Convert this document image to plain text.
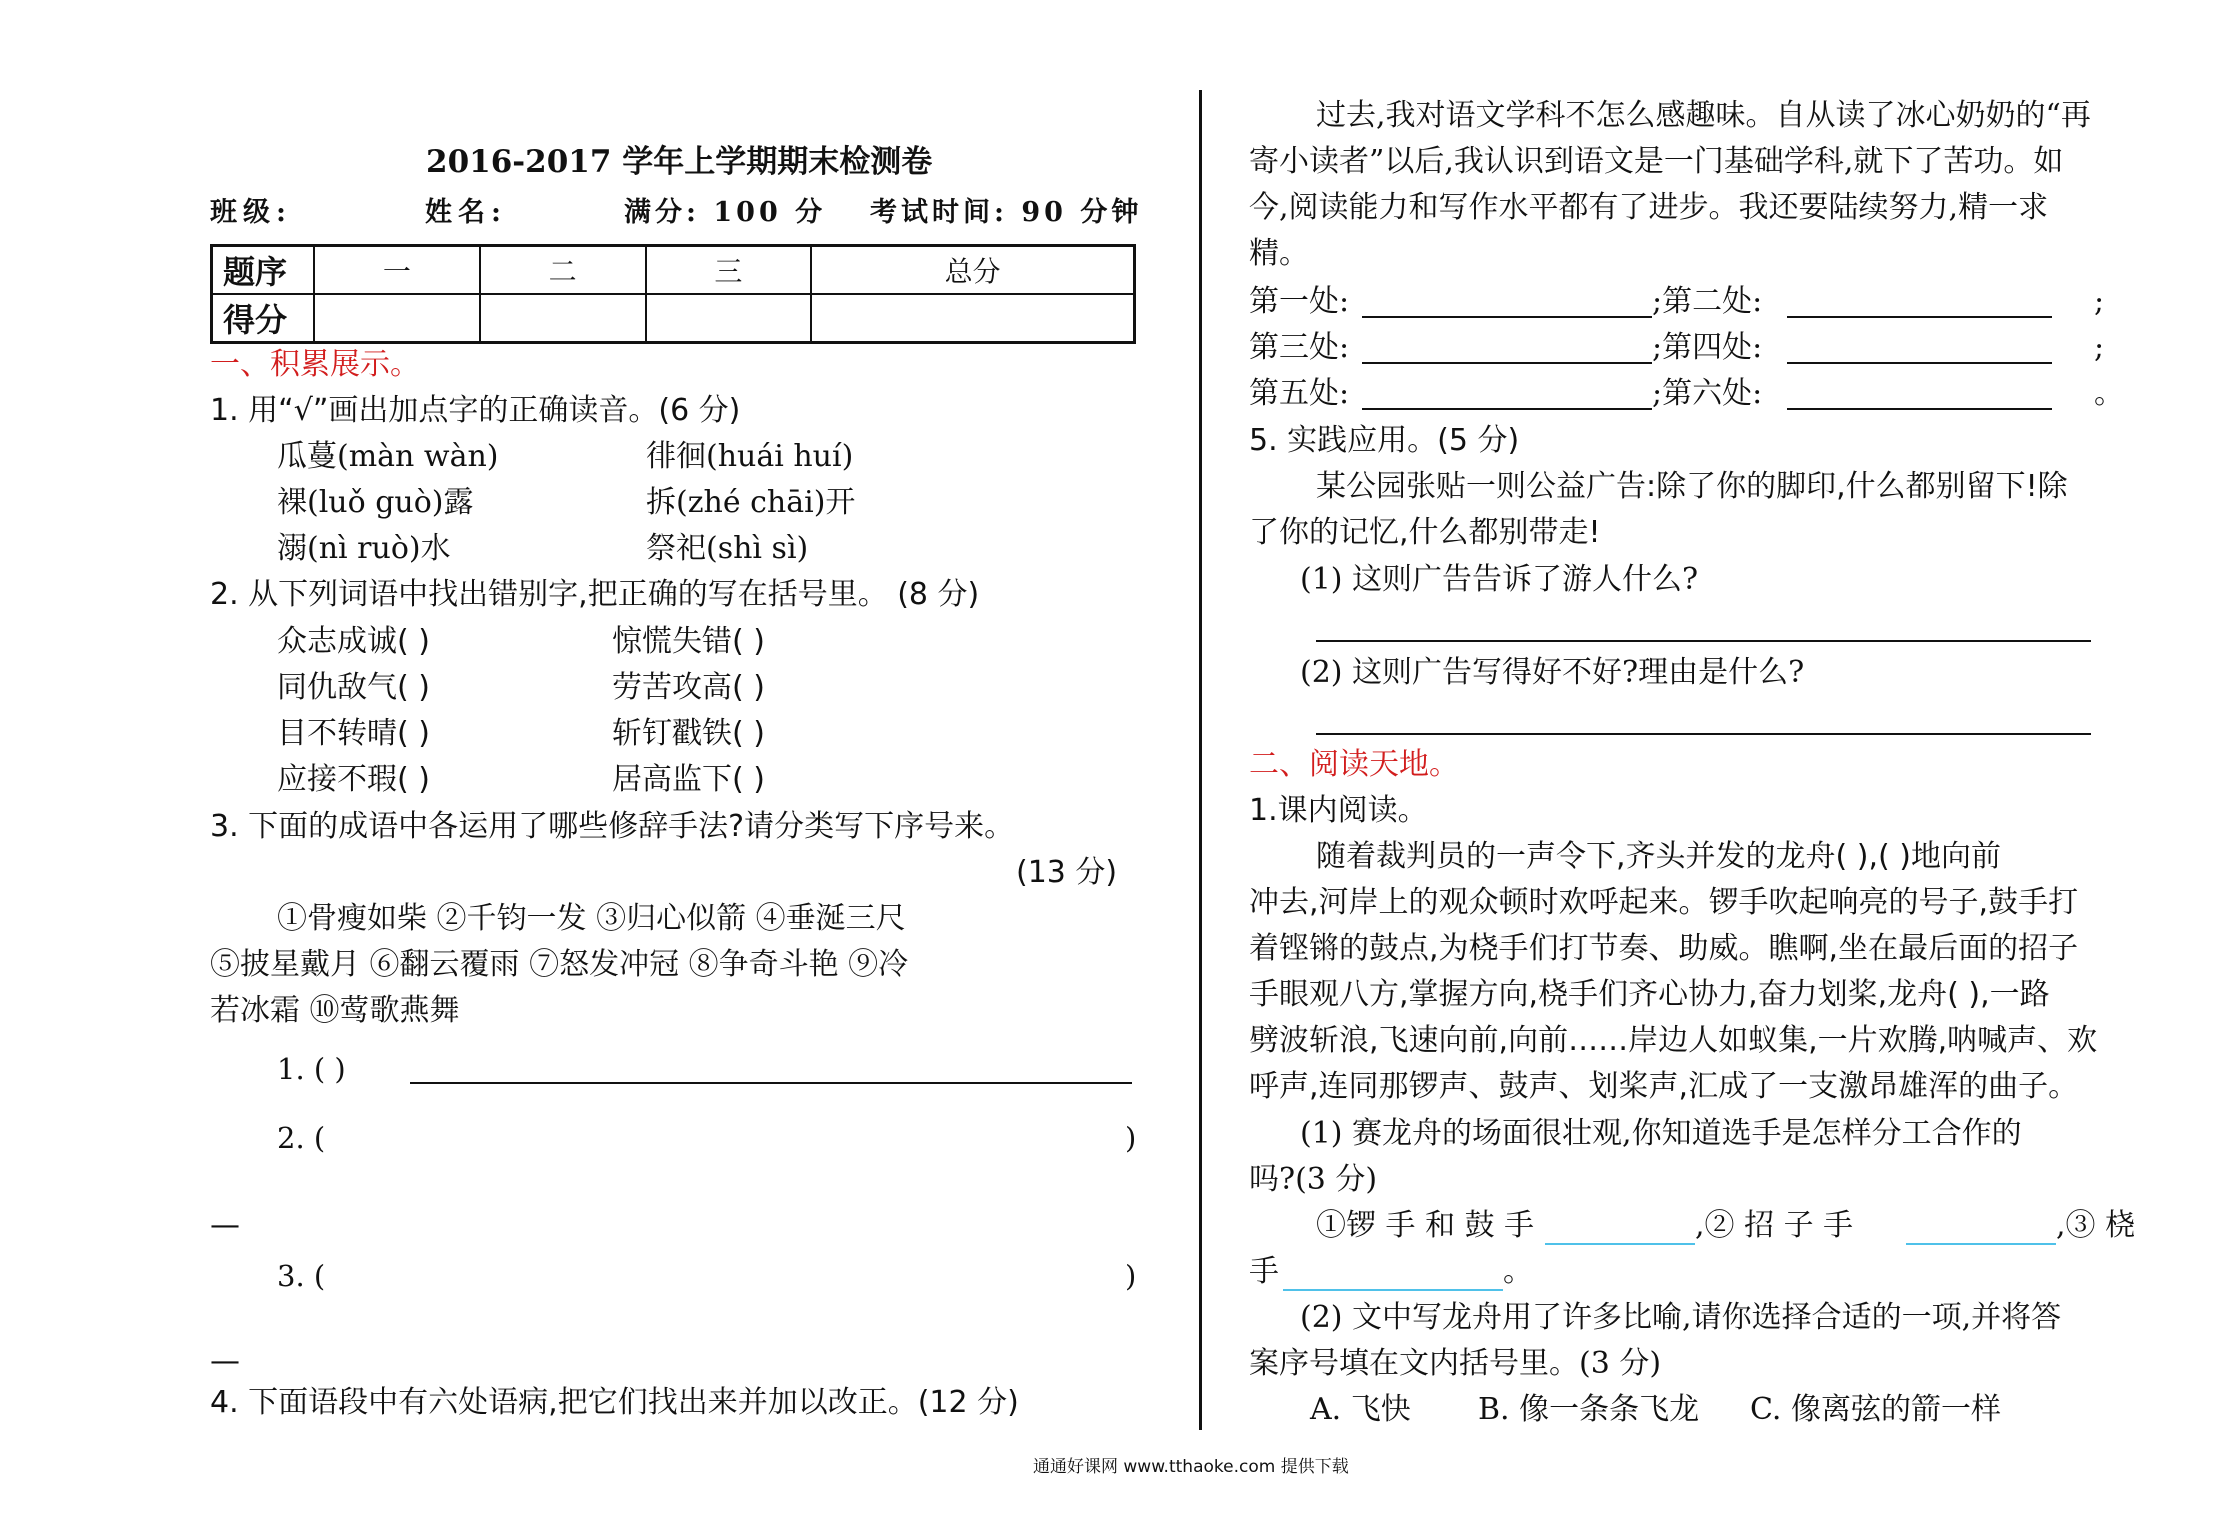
2016-2017 学年上学期期末检测卷
班级:	姓名:	满分: 100 分 考试时间: 90 分钟
题序	一	二	三	总分
得分				
一、积累展示。
1. 用“√”画出加点字的正确读音。(6 分)
瓜蔓(màn wàn)	徘徊(huái huí)
裸(luǒ guò)露	拆(zhé chāi)开
溺(nì ruò)水	祭祀(shì sì)
2. 从下列词语中找出错别字,把正确的写在括号里。 (8 分)
众志成诚( )	惊慌失错( )
同仇敌气( )	劳苦攻高( )
目不转晴( )	斩钉戳铁( )
应接不瑕( )	居高监下( )
3. 下面的成语中各运用了哪些修辞手法?请分类写下序号来。
(13 分)
①骨瘦如柴 ②千钧一发 ③归心似箭 ④垂涎三尺
⑤披星戴月 ⑥翻云覆雨 ⑦怒发冲冠 ⑧争奇斗艳 ⑨冷
若冰霜 ⑩莺歌燕舞
1. ( )
2. (	)
—
3. (	)
—
4. 下面语段中有六处语病,把它们找出来并加以改正。(12 分)
过去,我对语文学科不怎么感趣味。自从读了冰心奶奶的“再
寄小读者”以后,我认识到语文是一门基础学科,就下了苦功。如
今,阅读能力和写作水平都有了进步。我还要陆续努力,精一求
精。
第一处:	;第二处:	;
第三处:	;第四处:	;
第五处:	;第六处:	。
5. 实践应用。(5 分)
某公园张贴一则公益广告:除了你的脚印,什么都别留下!除
了你的记忆,什么都别带走!
(1) 这则广告告诉了游人什么?
(2) 这则广告写得好不好?理由是什么?
二、阅读天地。
1.课内阅读。
随着裁判员的一声令下,齐头并发的龙舟( ),( )地向前
冲去,河岸上的观众顿时欢呼起来。锣手吹起响亮的号子,鼓手打
着铿锵的鼓点,为桡手们打节奏、助威。瞧啊,坐在最后面的招子
手眼观八方,掌握方向,桡手们齐心协力,奋力划桨,龙舟( ),一路
劈波斩浪,飞速向前,向前……岸边人如蚁集,一片欢腾,呐喊声、欢
呼声,连同那锣声、鼓声、划桨声,汇成了一支激昂雄浑的曲子。
(1) 赛龙舟的场面很壮观,你知道选手是怎样分工合作的
吗?(3 分)
①锣 手 和 鼓 手	,② 招 子 手	,③ 桡
手	。
(2) 文中写龙舟用了许多比喻,请你选择合适的一项,并将答
案序号填在文内括号里。(3 分)
A. 飞快 B. 像一条条飞龙 C. 像离弦的箭一样
通通好课网 www.tthaoke.com 提供下载
